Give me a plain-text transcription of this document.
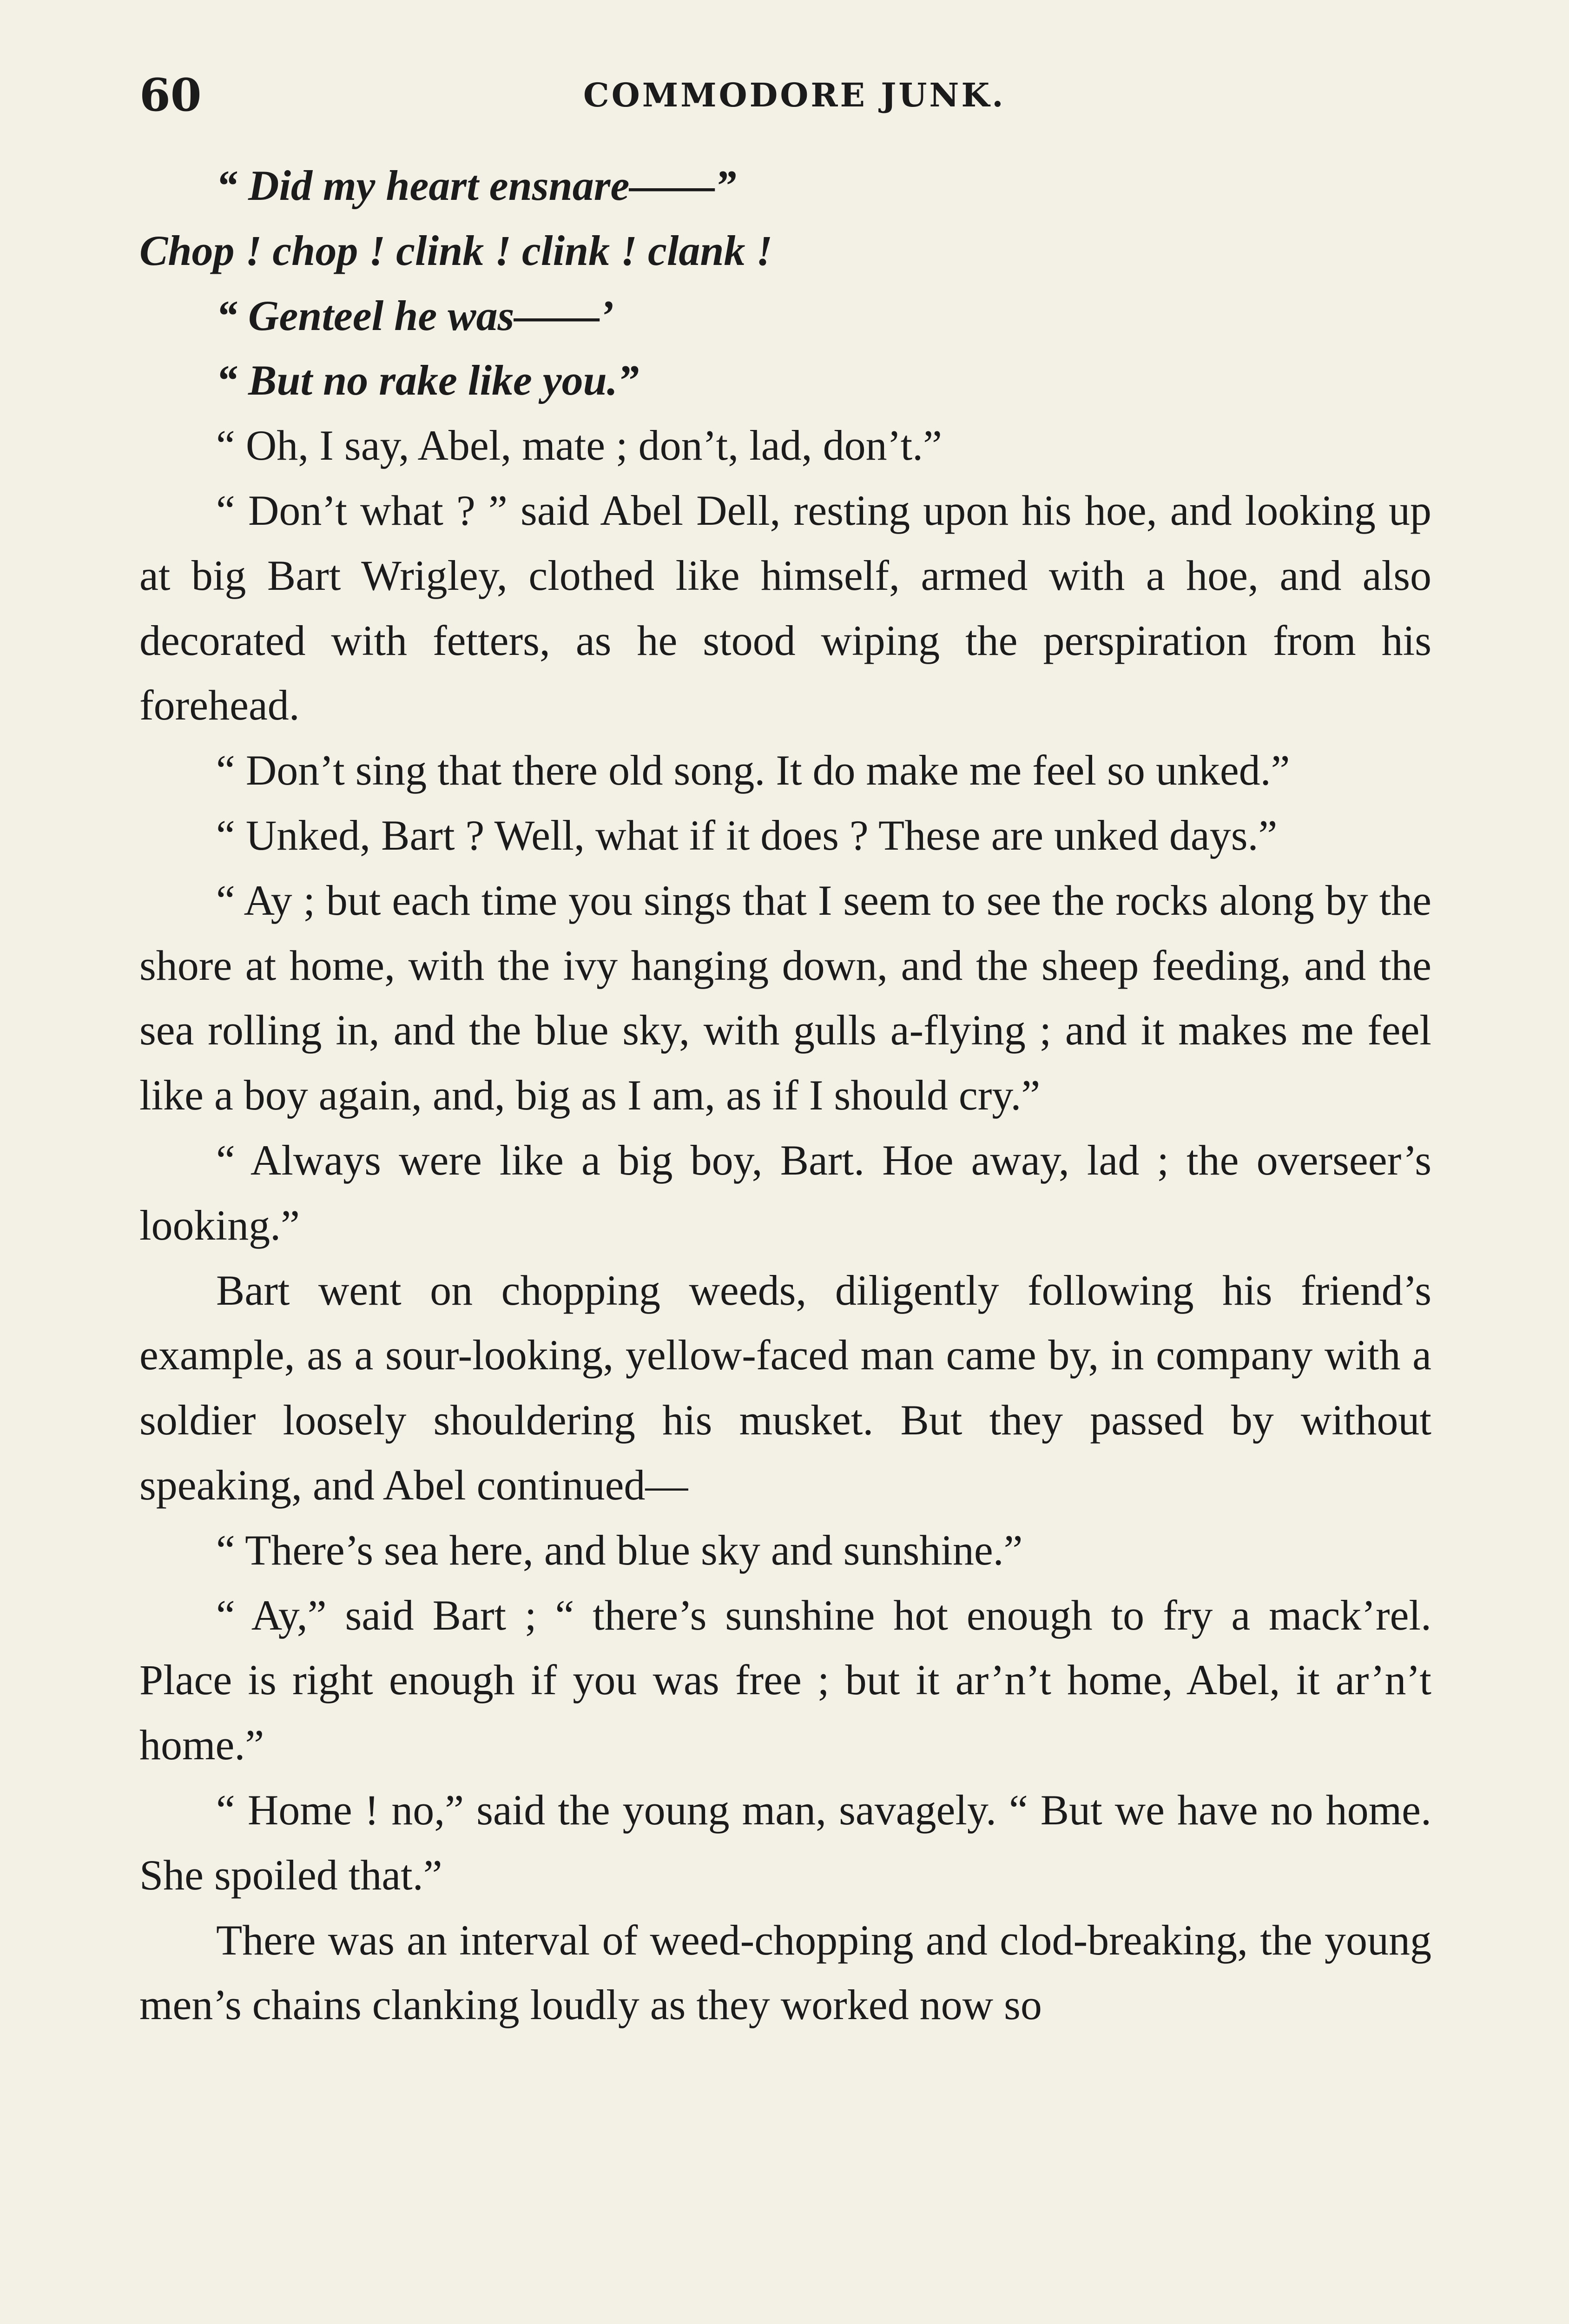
60	COMMODORE JUNK.

“ Did my heart ensnare——”

Chop ! chop ! clink ! clink ! clank !

“ Genteel he was——’

“ But no rake like you.”

“ Oh, I say, Abel, mate ; don’t, lad, don’t.”

“ Don’t what ? ” said Abel Dell, resting upon his hoe, and looking up at big Bart Wrigley, clothed like himself, armed with a hoe, and also decorated with fetters, as he stood wiping the perspiration from his forehead.

“ Don’t sing that there old song. It do make me feel so unked.”

“ Unked, Bart ? Well, what if it does ? These are unked days.”

“ Ay ; but each time you sings that I seem to see the rocks along by the shore at home, with the ivy hanging down, and the sheep feeding, and the sea rolling in, and the blue sky, with gulls a-flying ; and it makes me feel like a boy again, and, big as I am, as if I should cry.”

“ Always were like a big boy, Bart. Hoe away, lad ; the overseer’s looking.”

Bart went on chopping weeds, diligently following his friend’s example, as a sour-looking, yellow-faced man came by, in company with a soldier loosely shouldering his musket. But they passed by without speaking, and Abel continued—

“ There’s sea here, and blue sky and sunshine.”

“ Ay,” said Bart ; “ there’s sunshine hot enough to fry a mack’rel. Place is right enough if you was free ; but it ar’n’t home, Abel, it ar’n’t home.”

“ Home ! no,” said the young man, savagely. “ But we have no home. She spoiled that.”

There was an interval of weed-chopping and clod-breaking, the young men’s chains clanking loudly as they worked now so
